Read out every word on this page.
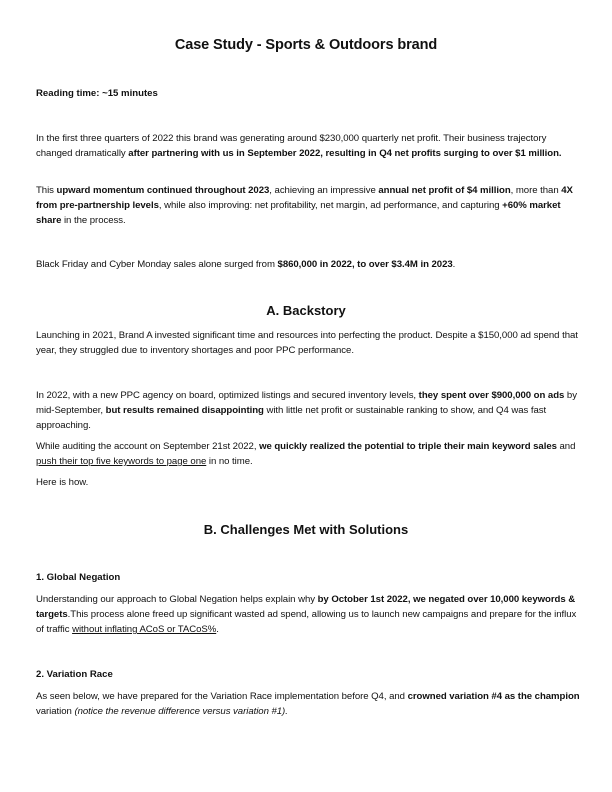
Case Study - Sports & Outdoors brand
Reading time: ~15 minutes
In the first three quarters of 2022 this brand was generating around $230,000 quarterly net profit. Their business trajectory changed dramatically after partnering with us in September 2022, resulting in Q4 net profits surging to over $1 million.
This upward momentum continued throughout 2023, achieving an impressive annual net profit of $4 million, more than 4X from pre-partnership levels, while also improving: net profitability, net margin, ad performance, and capturing +60% market share in the process.
Black Friday and Cyber Monday sales alone surged from $860,000 in 2022, to over $3.4M in 2023.
A. Backstory
Launching in 2021, Brand A invested significant time and resources into perfecting the product. Despite a $150,000 ad spend that year, they struggled due to inventory shortages and poor PPC performance.
In 2022, with a new PPC agency on board, optimized listings and secured inventory levels, they spent over $900,000 on ads by mid-September, but results remained disappointing with little net profit or sustainable ranking to show, and Q4 was fast approaching.
While auditing the account on September 21st 2022, we quickly realized the potential to triple their main keyword sales and push their top five keywords to page one in no time.
Here is how.
B. Challenges Met with Solutions
1. Global Negation
Understanding our approach to Global Negation helps explain why by October 1st 2022, we negated over 10,000 keywords & targets.This process alone freed up significant wasted ad spend, allowing us to launch new campaigns and prepare for the influx of traffic without inflating ACoS or TACoS%.
2. Variation Race
As seen below, we have prepared for the Variation Race implementation before Q4, and crowned variation #4 as the champion variation (notice the revenue difference versus variation #1).
